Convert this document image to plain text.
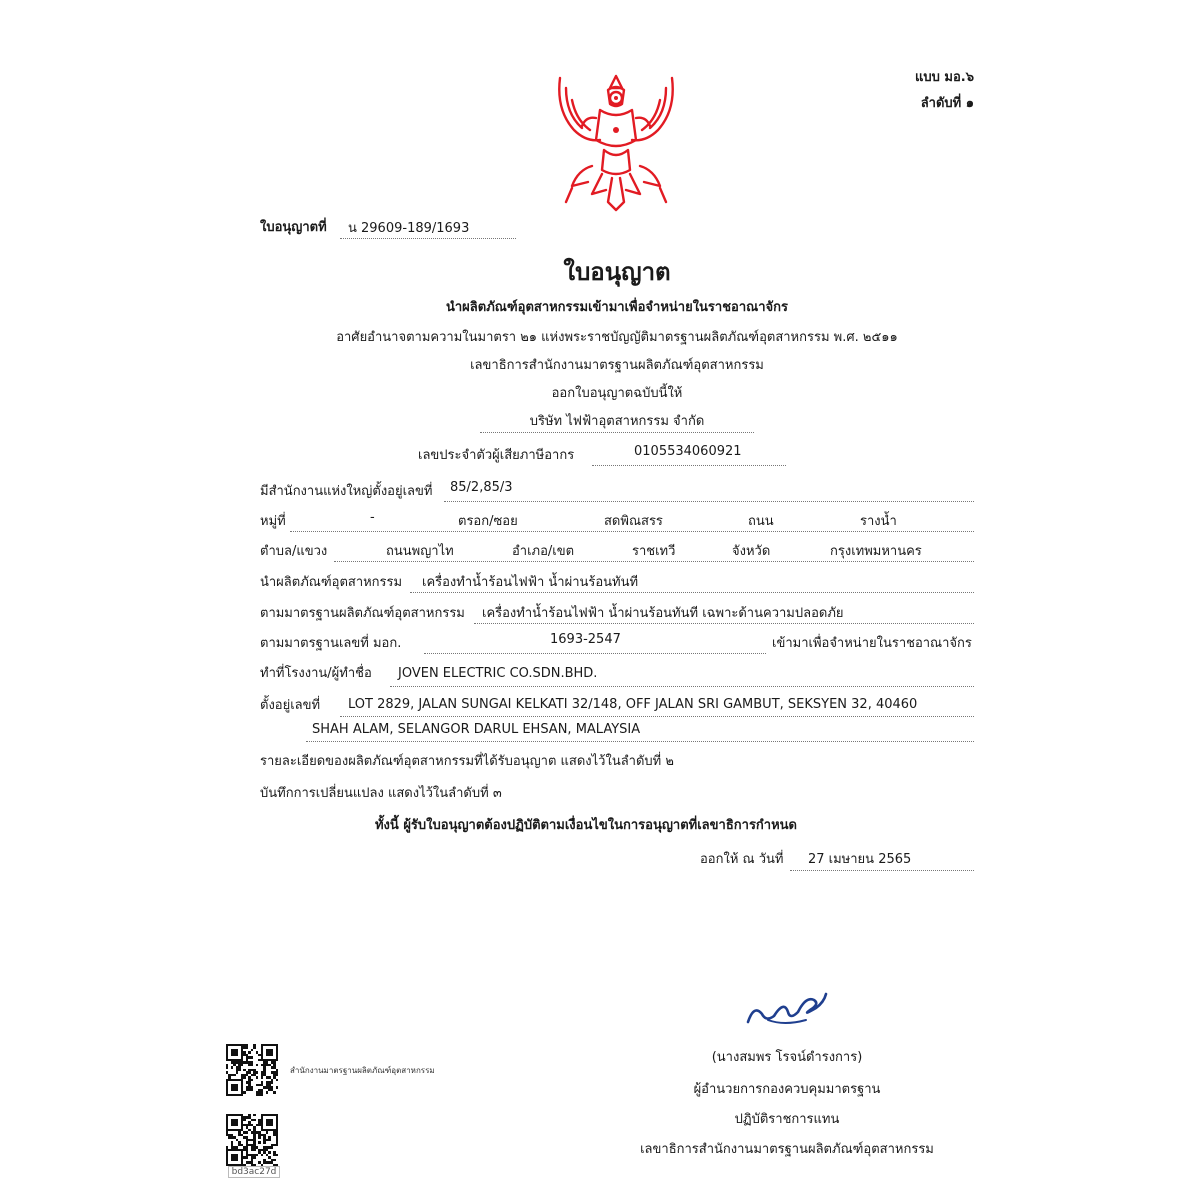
แบบ มอ.๖
ลำดับที่ ๑
ใบอนุญาตที่ น 29609-189/1693
ใบอนุญาต
นำผลิตภัณฑ์อุตสาหกรรมเข้ามาเพื่อจำหน่ายในราชอาณาจักร
อาศัยอำนาจตามความในมาตรา ๒๑ แห่งพระราชบัญญัติมาตรฐานผลิตภัณฑ์อุตสาหกรรม พ.ศ. ๒๕๑๑
เลขาธิการสำนักงานมาตรฐานผลิตภัณฑ์อุตสาหกรรม
ออกใบอนุญาตฉบับนี้ให้
บริษัท ไฟฟ้าอุตสาหกรรม จำกัด
เลขประจำตัวผู้เสียภาษีอากร	0105534060921
มีสำนักงานแห่งใหญ่ตั้งอยู่เลขที่ 85/2,85/3
หมู่ที่	-	ตรอก/ซอย	สดพิณสรร	ถนน	รางน้ำ
ตำบล/แขวง	ถนนพญาไท	อำเภอ/เขต	ราชเทวี	จังหวัด	กรุงเทพมหานคร
นำผลิตภัณฑ์อุตสาหกรรม เครื่องทำน้ำร้อนไฟฟ้า น้ำผ่านร้อนทันที
ตามมาตรฐานผลิตภัณฑ์อุตสาหกรรม เครื่องทำน้ำร้อนไฟฟ้า น้ำผ่านร้อนทันที เฉพาะด้านความปลอดภัย
ตามมาตรฐานเลขที่ มอก.	1693-2547	เข้ามาเพื่อจำหน่ายในราชอาณาจักร
ทำที่โรงงาน/ผู้ทำชื่อ JOVEN ELECTRIC CO.SDN.BHD.
ตั้งอยู่เลขที่ LOT 2829, JALAN SUNGAI KELKATI 32/148, OFF JALAN SRI GAMBUT, SEKSYEN 32, 40460
SHAH ALAM, SELANGOR DARUL EHSAN, MALAYSIA
รายละเอียดของผลิตภัณฑ์อุตสาหกรรมที่ได้รับอนุญาต แสดงไว้ในลำดับที่ ๒
บันทึกการเปลี่ยนแปลง แสดงไว้ในลำดับที่ ๓
ทั้งนี้ ผู้รับใบอนุญาตต้องปฏิบัติตามเงื่อนไขในการอนุญาตที่เลขาธิการกำหนด
ออกให้ ณ วันที่ 27 เมษายน 2565
(นางสมพร โรจน์ดำรงการ)
ผู้อำนวยการกองควบคุมมาตรฐาน
ปฏิบัติราชการแทน
เลขาธิการสำนักงานมาตรฐานผลิตภัณฑ์อุตสาหกรรม
สำนักงานมาตรฐานผลิตภัณฑ์อุตสาหกรรม
bd3ac27d
